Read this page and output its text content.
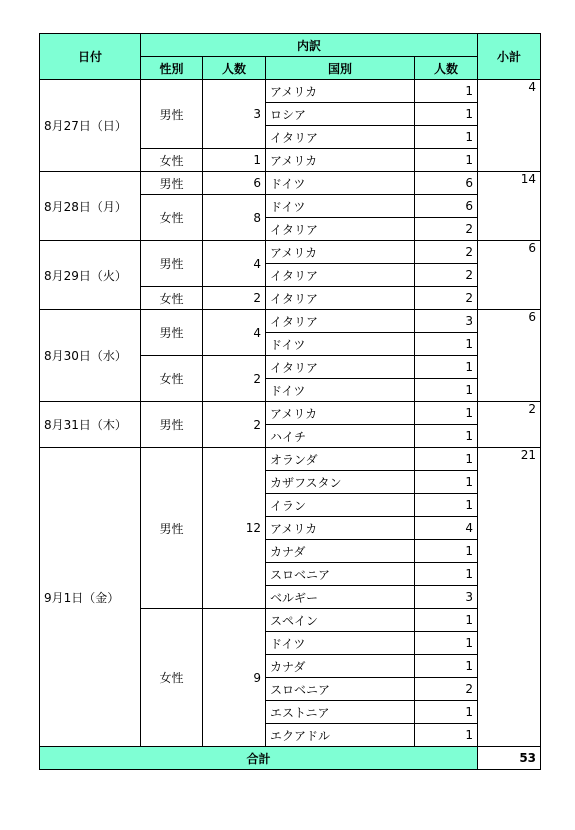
日付	内訳				小計
	性別	人数	国別	人数	
8月27日（日）	男性	3	アメリカ	1	4
			ロシア	1	
			イタリア	1	
	女性	1	アメリカ	1	
8月28日（月）	男性	6	ドイツ	6	14
	女性	8	ドイツ	6	
			イタリア	2	
8月29日（火）	男性	4	アメリカ	2	6
			イタリア	2	
	女性	2	イタリア	2	
8月30日（水）	男性	4	イタリア	3	6
			ドイツ	1	
	女性	2	イタリア	1	
			ドイツ	1	
8月31日（木）	男性	2	アメリカ	1	2
			ハイチ	1	
9月1日（金）	男性	12	オランダ	1	21
			カザフスタン	1	
			イラン	1	
			アメリカ	4	
			カナダ	1	
			スロベニア	1	
			ベルギー	3	
	女性	9	スペイン	1	
			ドイツ	1	
			カナダ	1	
			スロベニア	2	
			エストニア	1	
			エクアドル	1	
合計					53
